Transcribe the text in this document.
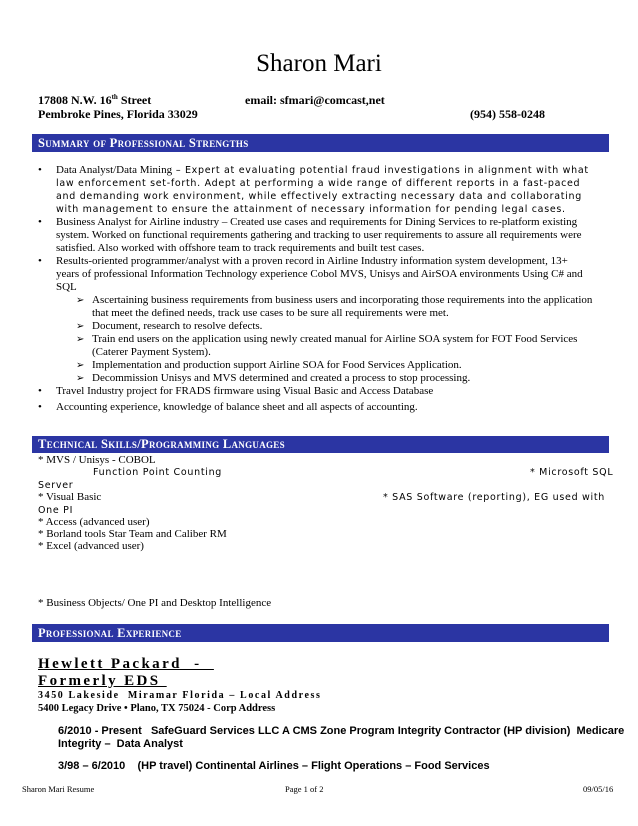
Sharon Mari
17808 N.W. 16th Street	email: sfmari@comcast,net
Pembroke Pines, Florida 33029	(954) 558-0248
Summary of Professional Strengths
• Data Analyst/Data Mining – Expert at evaluating potential fraud investigations in alignment with what law enforcement set-forth. Adept at performing a wide range of different reports in a fast-paced and demanding work environment, while effectively extracting necessary data and collaborating with management to ensure the attainment of necessary information for pending legal cases.
• Business Analyst for Airline industry – Created use cases and requirements for Dining Services to re-platform existing system. Worked on functional requirements gathering and tracking to user requirements to assure all requirements were satisfied. Also worked with offshore team to track requirements and built test cases.
• Results-oriented programmer/analyst with a proven record in Airline Industry information system development, 13+ years of professional Information Technology experience Cobol MVS, Unisys and AirSOA environments Using C# and SQL
➢ Ascertaining business requirements from business users and incorporating those requirements into the application that meet the defined needs, track use cases to be sure all requirements were met.
➢ Document, research to resolve defects.
➢ Train end users on the application using newly created manual for Airline SOA system for FOT Food Services (Caterer Payment System).
➢ Implementation and production support Airline SOA for Food Services Application.
➢ Decommission Unisys and MVS determined and created a process to stop processing.
• Travel Industry project for FRADS firmware using Visual Basic and Access Database
• Accounting experience, knowledge of balance sheet and all aspects of accounting.
Technical Skills/Programming Languages
* MVS / Unisys - COBOL
Function Point Counting	* Microsoft SQL
Server
* Visual Basic	* SAS Software (reporting), EG used with
One PI
* Access (advanced user)
* Borland tools Star Team and Caliber RM
* Excel (advanced user)
* Business Objects/ One PI and Desktop Intelligence
Professional Experience
Hewlett Packard  -
Formerly EDS
3450 Lakeside  Miramar Florida – Local Address
5400 Legacy Drive • Plano, TX 75024 - Corp Address
6/2010 - Present   SafeGuard Services LLC A CMS Zone Program Integrity Contractor (HP division)  Medicare
Integrity –  Data Analyst
3/98 – 6/2010    (HP travel) Continental Airlines – Flight Operations – Food Services
Sharon Mari Resume	Page 1 of 2	09/05/16
